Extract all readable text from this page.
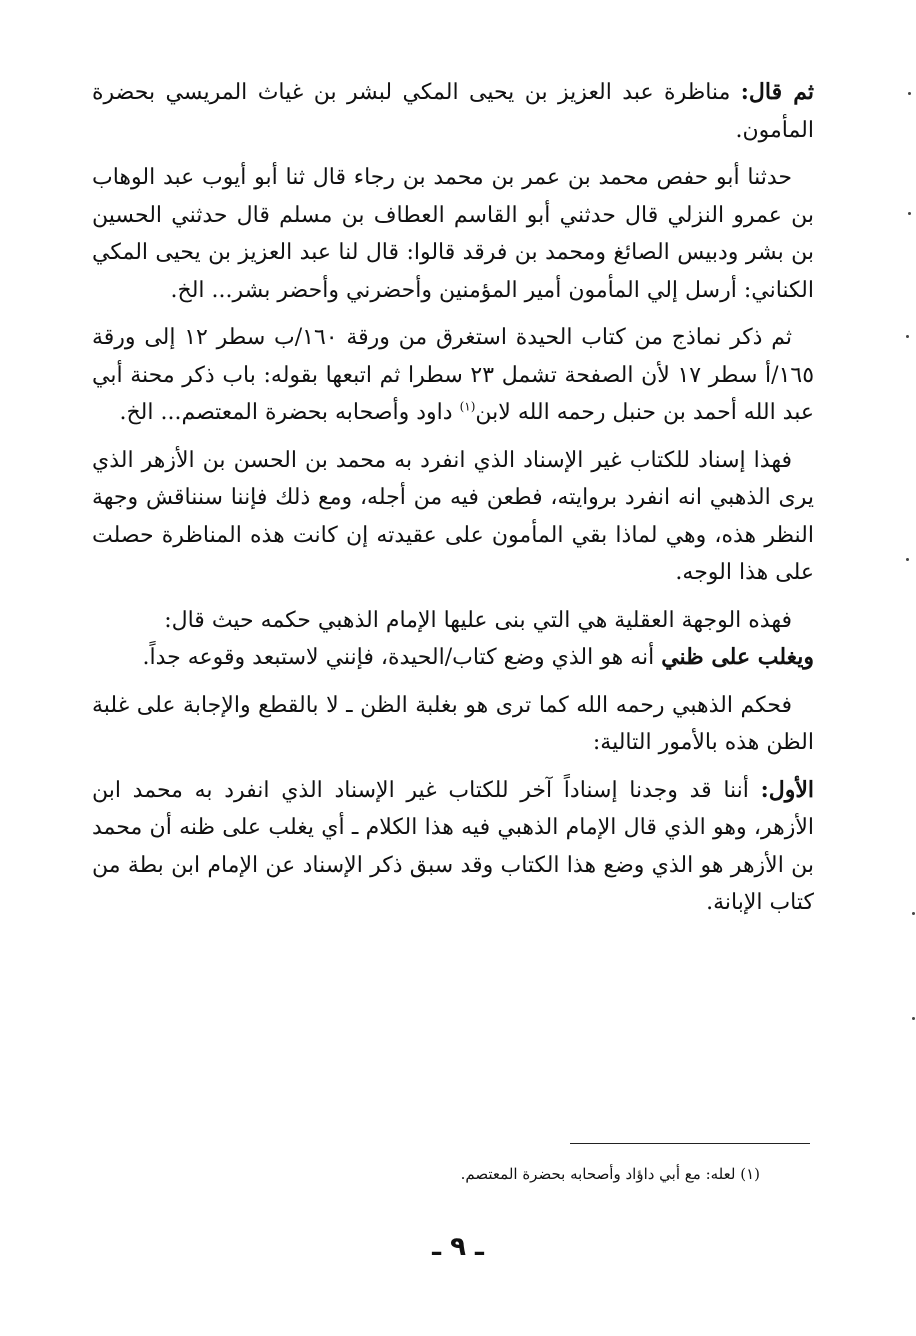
ثم قال: مناظرة عبد العزيز بن يحيى المكي لبشر بن غياث المريسي بحضرة المأمون.

حدثنا أبو حفص محمد بن عمر بن محمد بن رجاء قال ثنا أبو أيوب عبد الوهاب بن عمرو النزلي قال حدثني أبو القاسم العطاف بن مسلم قال حدثني الحسين بن بشر ودبيس الصائغ ومحمد بن فرقد قالوا: قال لنا عبد العزيز بن يحيى المكي الكناني: أرسل إلي المأمون أمير المؤمنين وأحضرني وأحضر بشر... الخ.

ثم ذكر نماذج من كتاب الحيدة استغرق من ورقة ١٦٠/ب سطر ١٢ إلى ورقة ١٦٥/أ سطر ١٧ لأن الصفحة تشمل ٢٣ سطرا ثم اتبعها بقوله: باب ذكر محنة أبي عبد الله أحمد بن حنبل رحمه الله لابن$^{(١)}$ داود وأصحابه بحضرة المعتصم... الخ.

فهذا إسناد للكتاب غير الإسناد الذي انفرد به محمد بن الحسن بن الأزهر الذي يرى الذهبي انه انفرد بروايته، فطعن فيه من أجله، ومع ذلك فإننا سنناقش وجهة النظر هذه، وهي لماذا بقي المأمون على عقيدته إن كانت هذه المناظرة حصلت على هذا الوجه.

فهذه الوجهة العقلية هي التي بنى عليها الإمام الذهبي حكمه حيث قال:
ويغلب على ظني أنه هو الذي وضع كتاب/الحيدة، فإنني لاستبعد وقوعه جداً.

فحكم الذهبي رحمه الله كما ترى هو بغلبة الظن ـ لا بالقطع والإجابة على غلبة الظن هذه بالأمور التالية:

الأول: أننا قد وجدنا إسناداً آخر للكتاب غير الإسناد الذي انفرد به محمد ابن الأزهر، وهو الذي قال الإمام الذهبي فيه هذا الكلام ـ أي يغلب على ظنه أن محمد بن الأزهر هو الذي وضع هذا الكتاب وقد سبق ذكر الإسناد عن الإمام ابن بطة من كتاب الإبانة.

(١) لعله: مع أبي داؤاد وأصحابه بحضرة المعتصم.
ـ ٩ ـ
